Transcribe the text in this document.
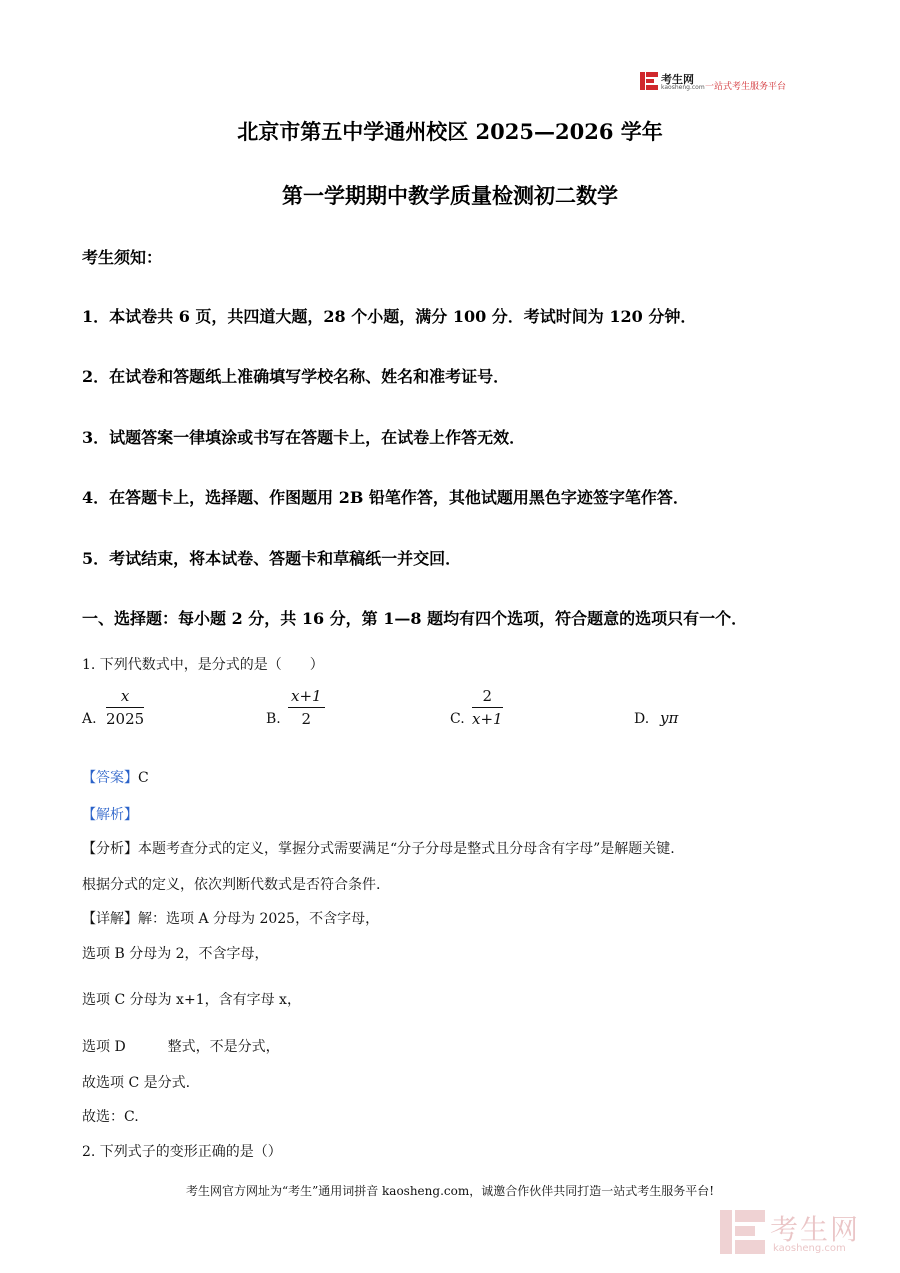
考生网
kaosheng.com 一站式考生服务平台
北京市第五中学通州校区 2025—2026 学年
第一学期期中教学质量检测初二数学
考生须知：
1．本试卷共 6 页，共四道大题，28 个小题，满分 100 分．考试时间为 120 分钟．
2．在试卷和答题纸上准确填写学校名称、姓名和准考证号．
3．试题答案一律填涂或书写在答题卡上，在试卷上作答无效．
4．在答题卡上，选择题、作图题用 2B 铅笔作答，其他试题用黑色字迹签字笔作答．
5．考试结束，将本试卷、答题卡和草稿纸一并交回．
一、选择题：每小题 2 分，共 16 分，第 1—8 题均有四个选项，符合题意的选项只有一个．
1. 下列代数式中，是分式的是（　　）
A. $\frac{x}{2025}$	B. $\frac{x+1}{2}$	C. $\frac{2}{x+1}$	D. yπ
【答案】C
【解析】
【分析】本题考查分式的定义，掌握分式需要满足“分子分母是整式且分母含有字母”是解题关键.
根据分式的定义，依次判断代数式是否符合条件.
【详解】解：选项 A 分母为 2025，不含字母，
选项 B 分母为 2，不含字母，
选项 C 分母为 x+1，含有字母 x，
选项 D　　　整式，不是分式，
故选项 C 是分式.
故选：C.
2. 下列式子的变形正确的是（）
考生网官方网址为“考生”通用词拼音 kaosheng.com，诚邀合作伙伴共同打造一站式考生服务平台!
考生网
kaosheng.com
